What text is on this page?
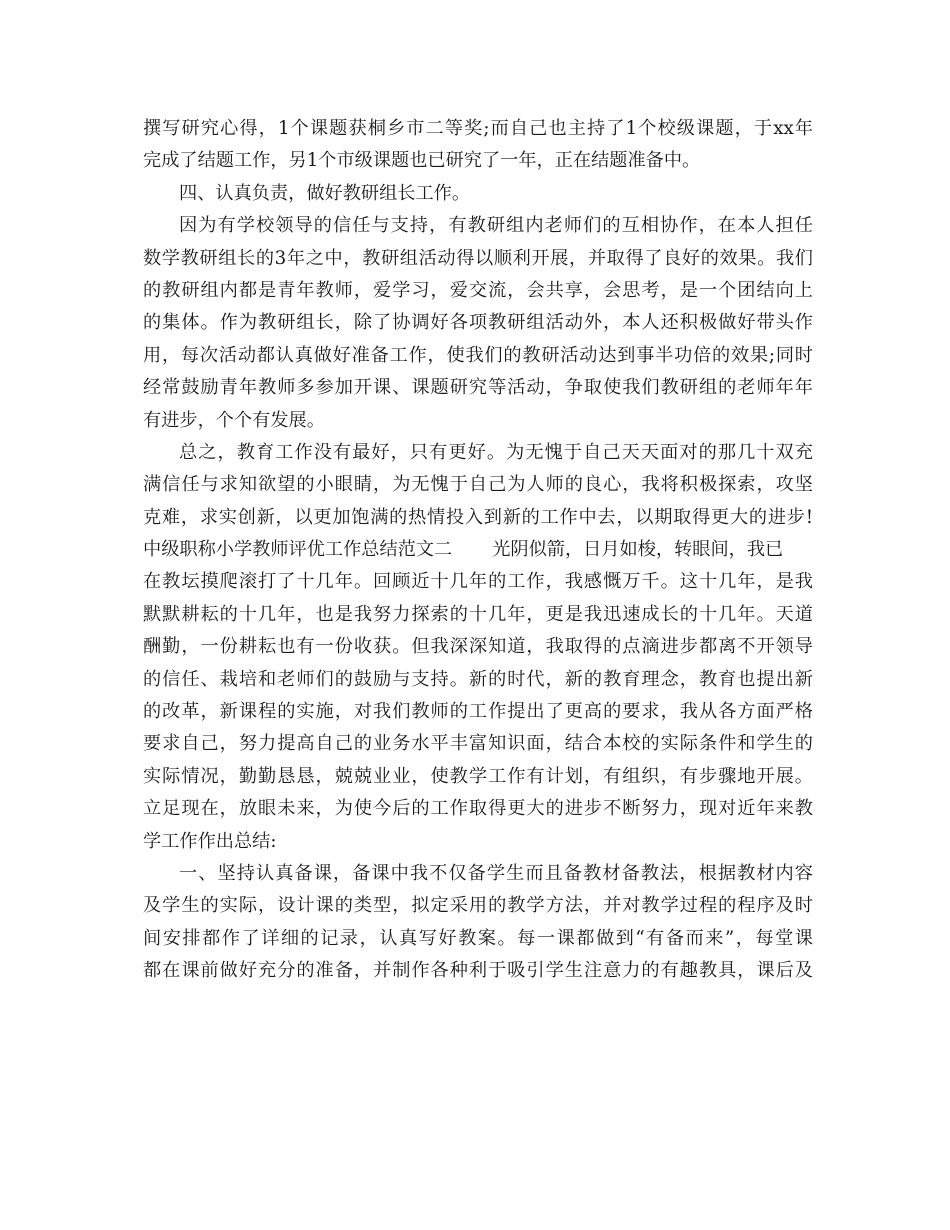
撰写研究心得，1个课题获桐乡市二等奖;而自己也主持了1个校级课题，于xx年
完成了结题工作，另1个市级课题也已研究了一年，正在结题准备中。
四、认真负责，做好教研组长工作。
因为有学校领导的信任与支持，有教研组内老师们的互相协作，在本人担任
数学教研组长的3年之中，教研组活动得以顺利开展，并取得了良好的效果。我们
的教研组内都是青年教师，爱学习，爱交流，会共享，会思考，是一个团结向上
的集体。作为教研组长，除了协调好各项教研组活动外，本人还积极做好带头作
用，每次活动都认真做好准备工作，使我们的教研活动达到事半功倍的效果;同时
经常鼓励青年教师多参加开课、课题研究等活动，争取使我们教研组的老师年年
有进步，个个有发展。
总之，教育工作没有最好，只有更好。为无愧于自己天天面对的那几十双充
满信任与求知欲望的小眼睛，为无愧于自己为人师的良心，我将积极探索，攻坚
克难，求实创新，以更加饱满的热情投入到新的工作中去，以期取得更大的进步!
中级职称小学教师评优工作总结范文二 光阴似箭，日月如梭，转眼间，我已
在教坛摸爬滚打了十几年。回顾近十几年的工作，我感慨万千。这十几年，是我
默默耕耘的十几年，也是我努力探索的十几年，更是我迅速成长的十几年。天道
酬勤，一份耕耘也有一份收获。但我深深知道，我取得的点滴进步都离不开领导
的信任、栽培和老师们的鼓励与支持。新的时代，新的教育理念，教育也提出新
的改革，新课程的实施，对我们教师的工作提出了更高的要求，我从各方面严格
要求自己，努力提高自己的业务水平丰富知识面，结合本校的实际条件和学生的
实际情况，勤勤恳恳，兢兢业业，使教学工作有计划，有组织，有步骤地开展。
立足现在，放眼未来，为使今后的工作取得更大的进步不断努力，现对近年来教
学工作作出总结:
一、坚持认真备课，备课中我不仅备学生而且备教材备教法，根据教材内容
及学生的实际，设计课的类型，拟定采用的教学方法，并对教学过程的程序及时
间安排都作了详细的记录，认真写好教案。每一课都做到“有备而来”，每堂课
都在课前做好充分的准备，并制作各种利于吸引学生注意力的有趣教具，课后及
